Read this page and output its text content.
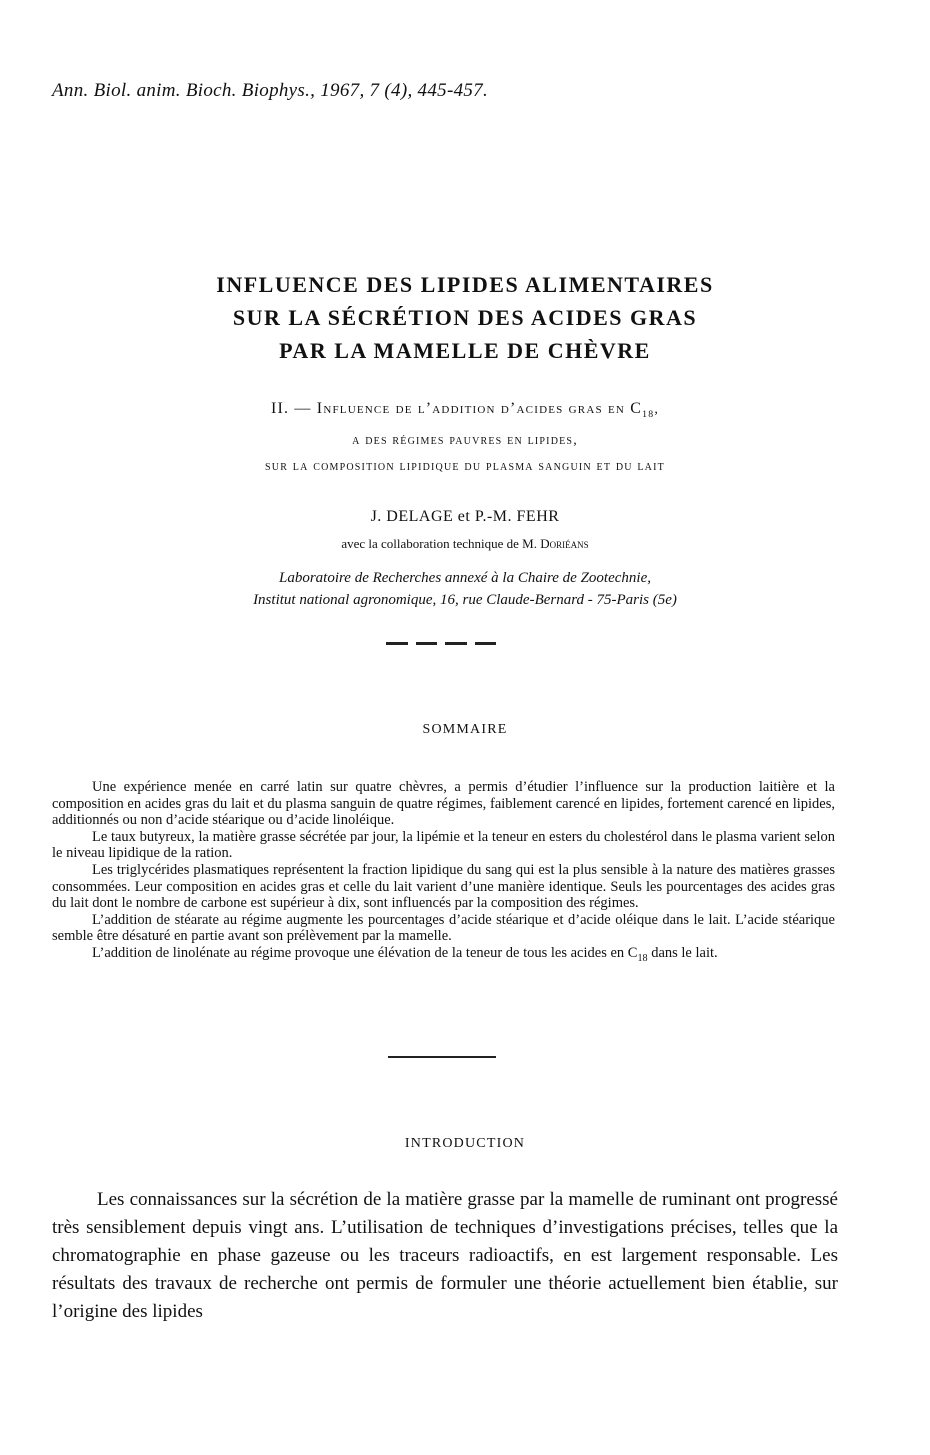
Ann. Biol. anim. Bioch. Biophys., 1967, 7 (4), 445-457.
INFLUENCE DES LIPIDES ALIMENTAIRES
SUR LA SÉCRÉTION DES ACIDES GRAS
PAR LA MAMELLE DE CHÈVRE
II. — Influence de l’addition d’acides gras en $C_{18}$,
a des régimes pauvres en lipides,
sur la composition lipidique du plasma sanguin et du lait
J. DELAGE et P.-M. FEHR
avec la collaboration technique de M. Doriéans
Laboratoire de Recherches annexé à la Chaire de Zootechnie,
Institut national agronomique, 16, rue Claude-Bernard - 75-Paris (5e)
SOMMAIRE

Une expérience menée en carré latin sur quatre chèvres, a permis d’étudier l’influence sur la production laitière et la composition en acides gras du lait et du plasma sanguin de quatre régimes, faiblement carencé en lipides, fortement carencé en lipides, additionnés ou non d’acide stéarique ou d’acide linoléique.

Le taux butyreux, la matière grasse sécrétée par jour, la lipémie et la teneur en esters du cholestérol dans le plasma varient selon le niveau lipidique de la ration.

Les triglycérides plasmatiques représentent la fraction lipidique du sang qui est la plus sensible à la nature des matières grasses consommées. Leur composition en acides gras et celle du lait varient d’une manière identique. Seuls les pourcentages des acides gras du lait dont le nombre de carbone est supérieur à dix, sont influencés par la composition des régimes.

L’addition de stéarate au régime augmente les pourcentages d’acide stéarique et d’acide oléique dans le lait. L’acide stéarique semble être désaturé en partie avant son prélèvement par la mamelle.

L’addition de linolénate au régime provoque une élévation de la teneur de tous les acides en $C_{18}$ dans le lait.

INTRODUCTION

Les connaissances sur la sécrétion de la matière grasse par la mamelle de ruminant ont progressé très sensiblement depuis vingt ans. L’utilisation de techniques d’investigations précises, telles que la chromatographie en phase gazeuse ou les traceurs radioactifs, en est largement responsable. Les résultats des travaux de recherche ont permis de formuler une théorie actuellement bien établie, sur l’origine des lipides
